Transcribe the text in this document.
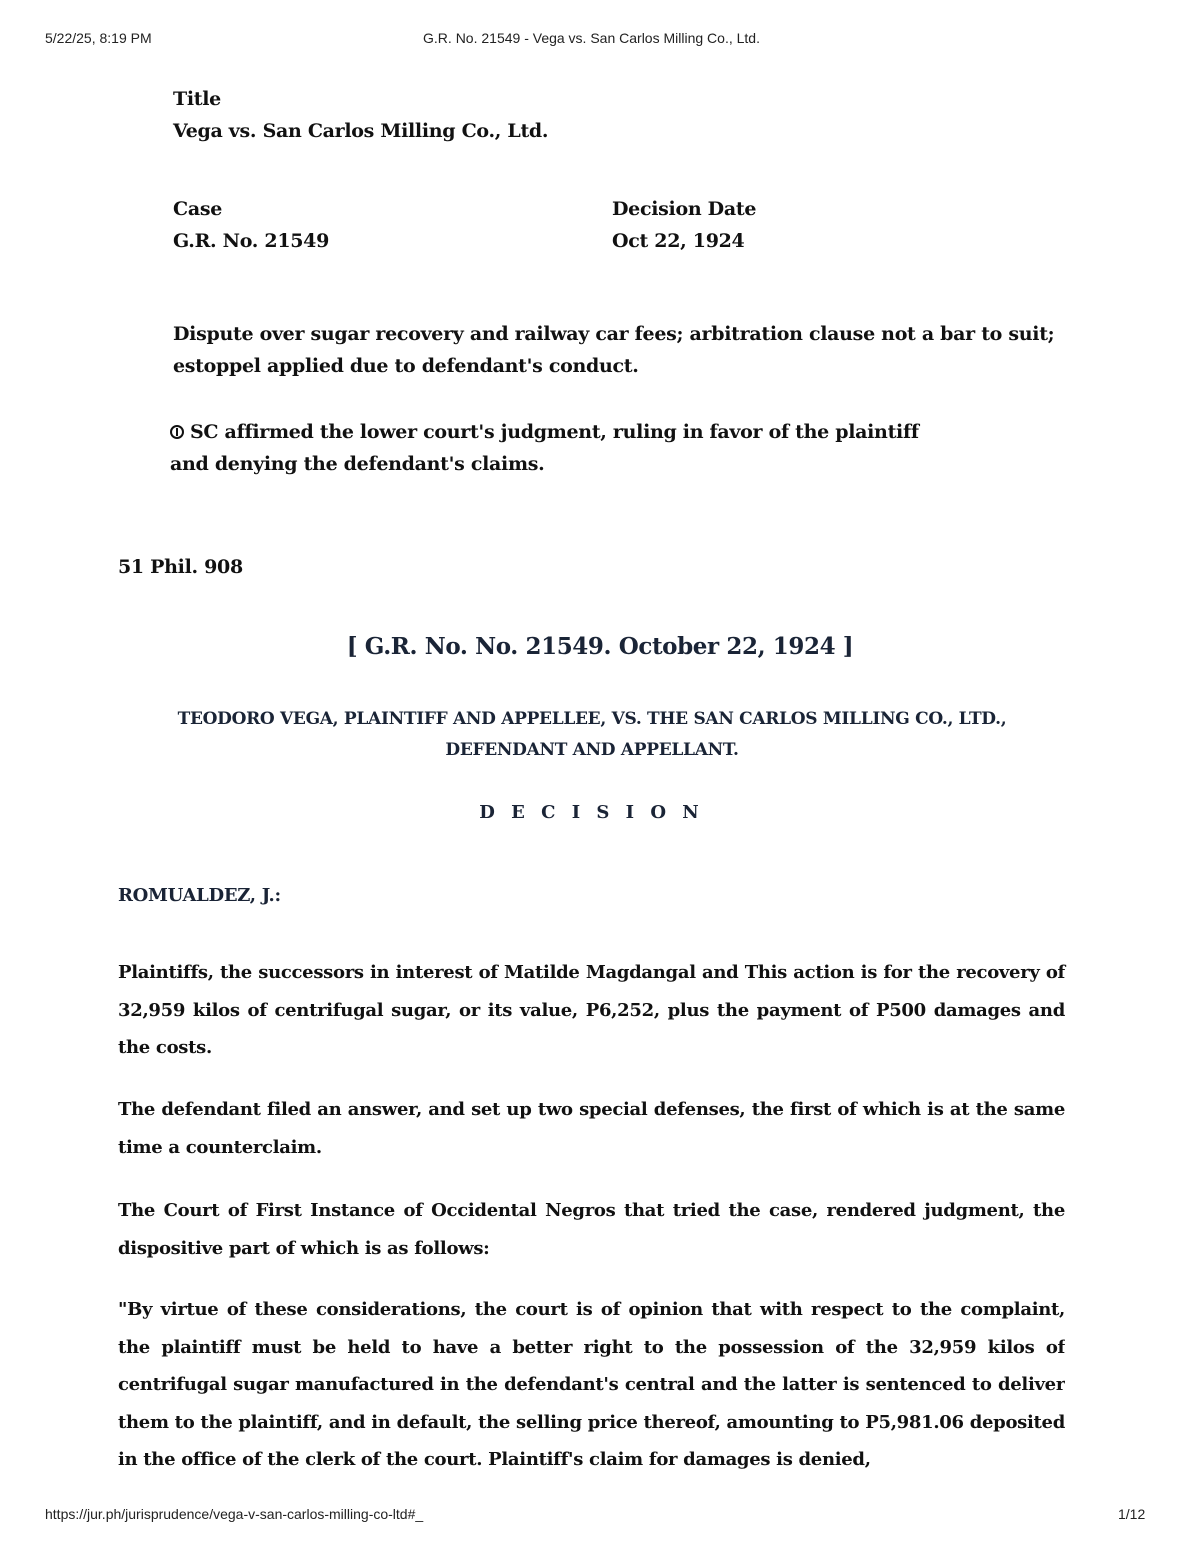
5/22/25, 8:19 PM	G.R. No. 21549 - Vega vs. San Carlos Milling Co., Ltd.
Title
Vega vs. San Carlos Milling Co., Ltd.
Case
G.R. No. 21549
Decision Date
Oct 22, 1924
Dispute over sugar recovery and railway car fees; arbitration clause not a bar to suit; estoppel applied due to defendant's conduct.
SC affirmed the lower court's judgment, ruling in favor of the plaintiff and denying the defendant's claims.
51 Phil. 908
[ G.R. No. No. 21549. October 22, 1924 ]
TEODORO VEGA, PLAINTIFF AND APPELLEE, VS. THE SAN CARLOS MILLING CO., LTD., DEFENDANT AND APPELLANT.
D E C I S I O N
ROMUALDEZ, J.:
Plaintiffs, the successors in interest of Matilde Magdangal and This action is for the recovery of 32,959 kilos of centrifugal sugar, or its value, P6,252, plus the payment of P500 damages and the costs.
The defendant filed an answer, and set up two special defenses, the first of which is at the same time a counterclaim.
The Court of First Instance of Occidental Negros that tried the case, rendered judgment, the dispositive part of which is as follows:
"By virtue of these considerations, the court is of opinion that with respect to the complaint, the plaintiff must be held to have a better right to the possession of the 32,959 kilos of centrifugal sugar manufactured in the defendant's central and the latter is sentenced to deliver them to the plaintiff, and in default, the selling price thereof, amounting to P5,981.06 deposited in the office of the clerk of the court. Plaintiff's claim for damages is denied,
https://jur.ph/jurisprudence/vega-v-san-carlos-milling-co-ltd#_	1/12
